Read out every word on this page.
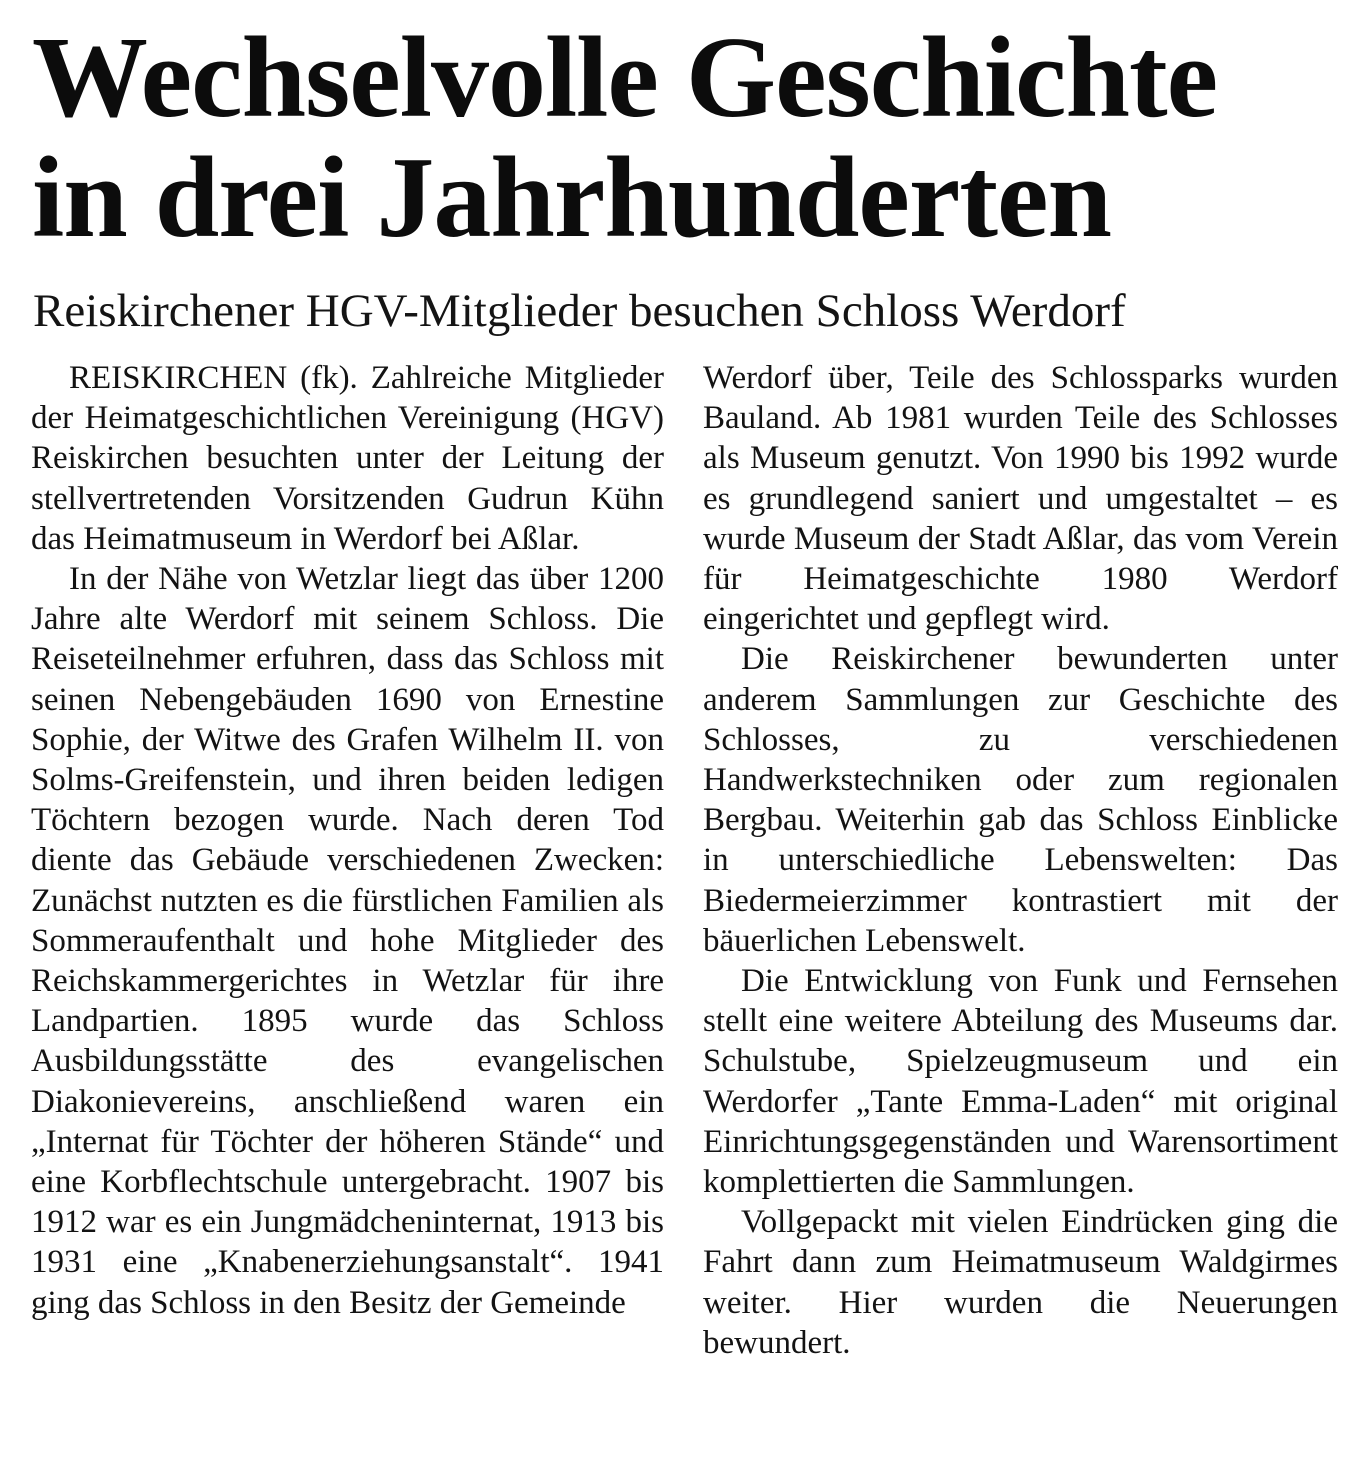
Wechselvolle Geschichte
in drei Jahrhunderten
Reiskirchener HGV-Mitglieder besuchen Schloss Werdorf

REISKIRCHEN (fk). Zahlreiche Mitglieder der Heimatgeschichtlichen Vereinigung (HGV) Reiskirchen besuchten unter der Leitung der stellvertretenden Vorsitzenden Gudrun Kühn das Heimatmuseum in Werdorf bei Aßlar.

In der Nähe von Wetzlar liegt das über 1200 Jahre alte Werdorf mit seinem Schloss. Die Reiseteilnehmer erfuhren, dass das Schloss mit seinen Nebengebäuden 1690 von Ernestine Sophie, der Witwe des Grafen Wilhelm II. von Solms-Greifenstein, und ihren beiden ledigen Töchtern bezogen wurde. Nach deren Tod diente das Gebäude verschiedenen Zwecken: Zunächst nutzten es die fürstlichen Familien als Sommeraufenthalt und hohe Mitglieder des Reichskammergerichtes in Wetzlar für ihre Landpartien. 1895 wurde das Schloss Ausbildungsstätte des evangelischen Diakonievereins, anschließend waren ein „Internat für Töchter der höheren Stände“ und eine Korbflechtschule untergebracht. 1907 bis 1912 war es ein Jungmädcheninternat, 1913 bis 1931 eine „Knabenerziehungsanstalt“. 1941 ging das Schloss in den Besitz der Gemeinde

Werdorf über, Teile des Schlossparks wurden Bauland. Ab 1981 wurden Teile des Schlosses als Museum genutzt. Von 1990 bis 1992 wurde es grundlegend saniert und umgestaltet – es wurde Museum der Stadt Aßlar, das vom Verein für Heimatgeschichte 1980 Werdorf eingerichtet und gepflegt wird.

Die Reiskirchener bewunderten unter anderem Sammlungen zur Geschichte des Schlosses, zu verschiedenen Handwerkstechniken oder zum regionalen Bergbau. Weiterhin gab das Schloss Einblicke in unterschiedliche Lebenswelten: Das Biedermeierzimmer kontrastiert mit der bäuerlichen Lebenswelt.

Die Entwicklung von Funk und Fernsehen stellt eine weitere Abteilung des Museums dar. Schulstube, Spielzeugmuseum und ein Werdorfer „Tante Emma-Laden“ mit original Einrichtungsgegenständen und Warensortiment komplettierten die Sammlungen.

Vollgepackt mit vielen Eindrücken ging die Fahrt dann zum Heimatmuseum Waldgirmes weiter. Hier wurden die Neuerungen bewundert.
